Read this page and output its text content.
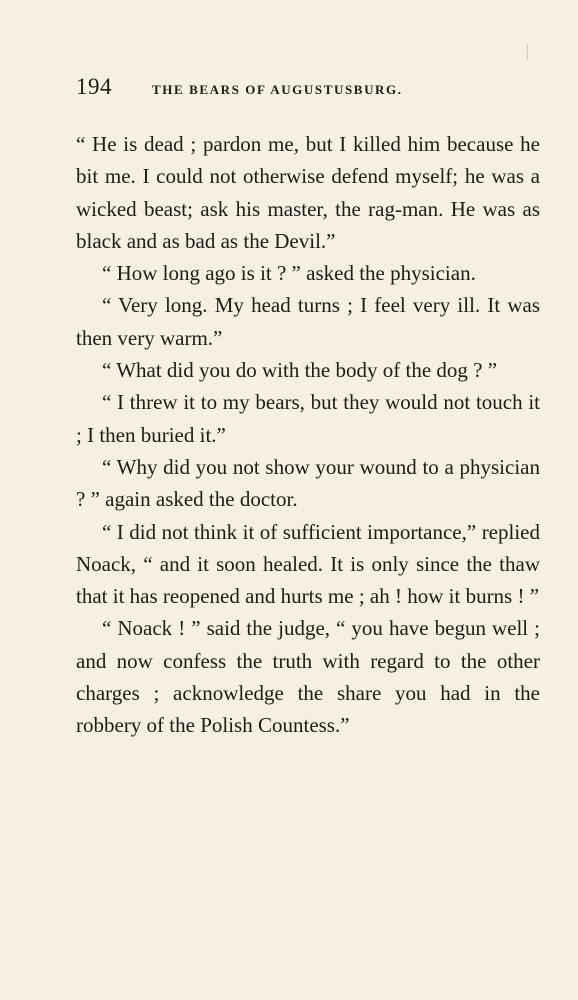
194	THE BEARS OF AUGUSTUSBURG.

“ He is dead ; pardon me, but I killed him because he bit me. I could not otherwise defend myself; he was a wicked beast; ask his master, the rag-man. He was as black and as bad as the Devil.”

“ How long ago is it ? ” asked the physician.

“ Very long. My head turns ; I feel very ill. It was then very warm.”

“ What did you do with the body of the dog ? ”

“ I threw it to my bears, but they would not touch it ; I then buried it.”

“ Why did you not show your wound to a physician ? ” again asked the doctor.

“ I did not think it of sufficient importance,” replied Noack, “ and it soon healed. It is only since the thaw that it has reopened and hurts me ; ah ! how it burns ! ”

“ Noack ! ” said the judge, “ you have begun well ; and now confess the truth with regard to the other charges ; acknowledge the share you had in the robbery of the Polish Countess.”
